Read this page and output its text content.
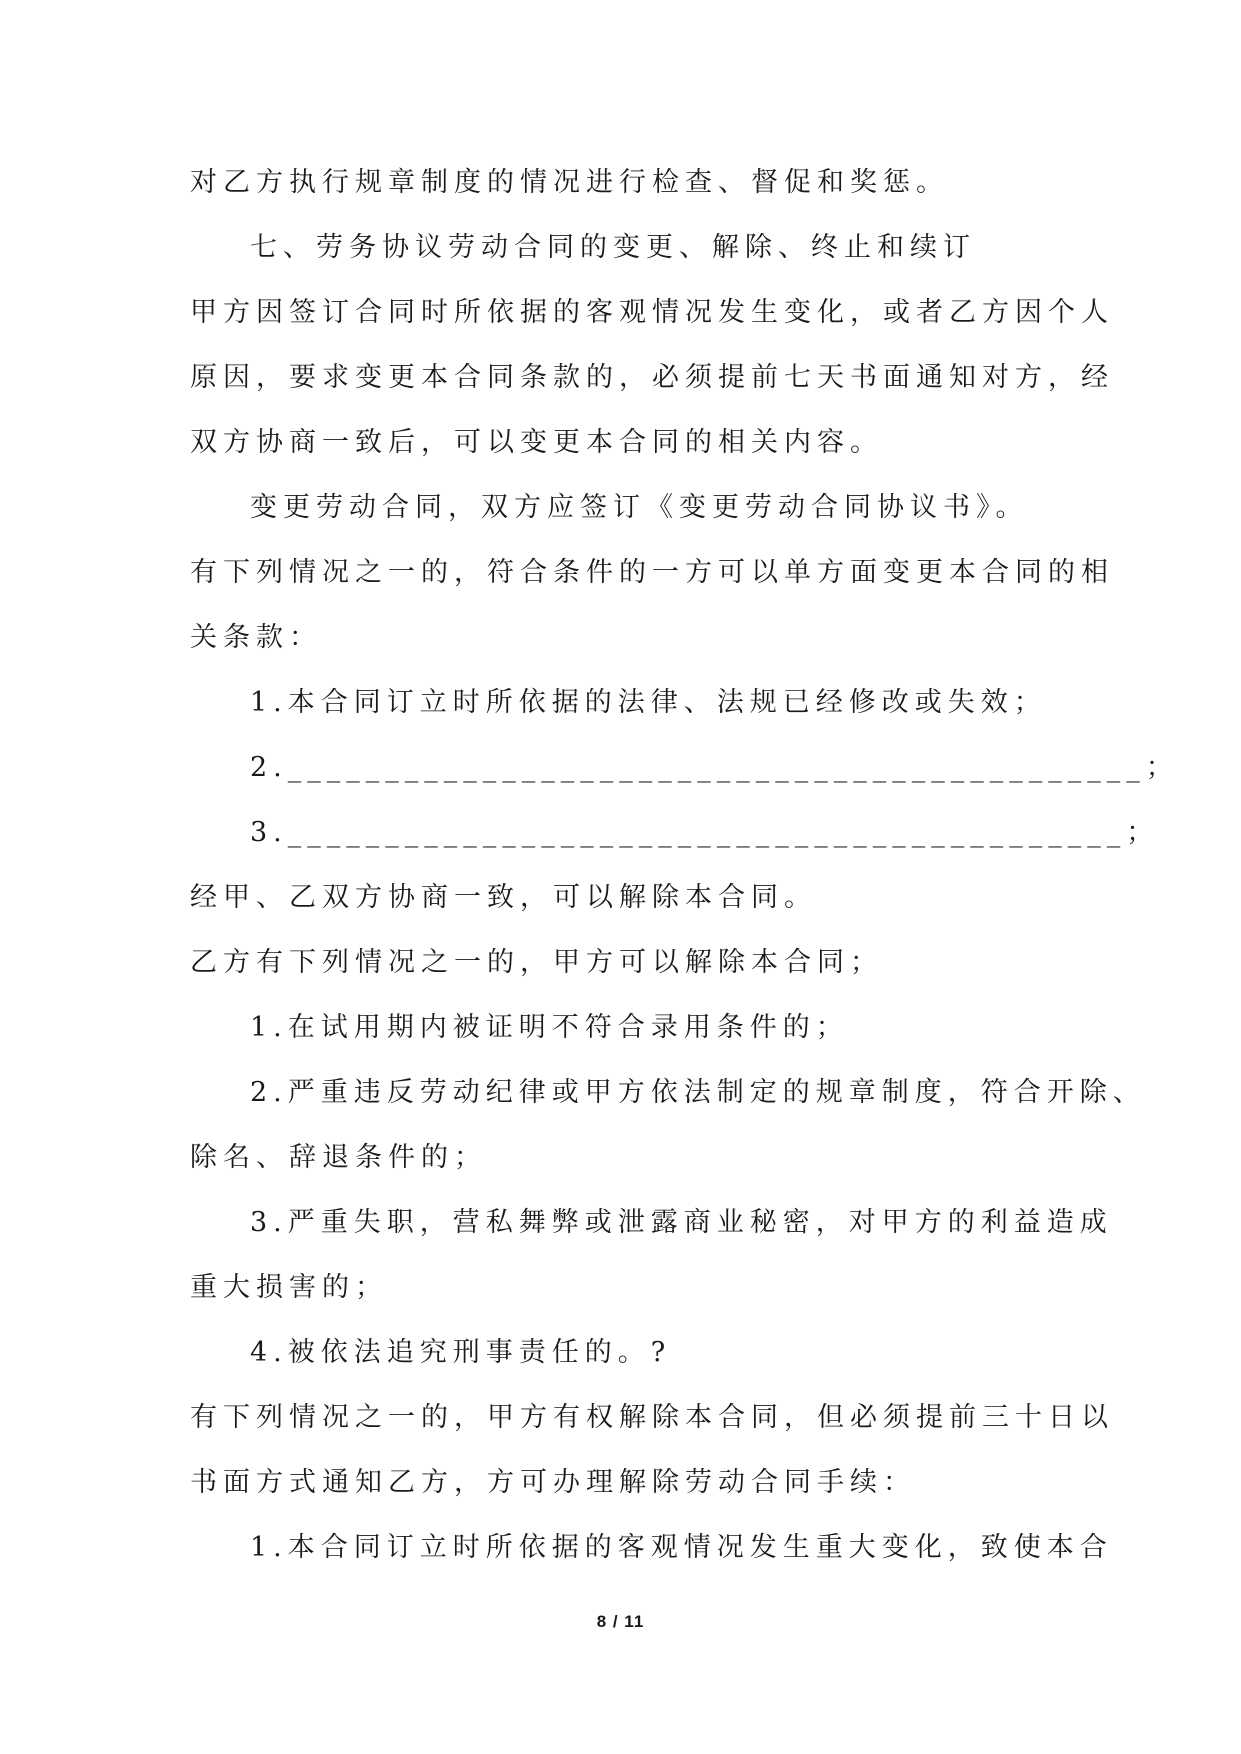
对乙方执行规章制度的情况进行检查、督促和奖惩。
七、劳务协议劳动合同的变更、解除、终止和续订
甲方因签订合同时所依据的客观情况发生变化，或者乙方因个人
原因，要求变更本合同条款的，必须提前七天书面通知对方，经
双方协商一致后，可以变更本合同的相关内容。
变更劳动合同，双方应签订《变更劳动合同协议书》。
有下列情况之一的，符合条件的一方可以单方面变更本合同的相
关条款：
1.本合同订立时所依据的法律、法规已经修改或失效；
2.____________________________________________；
3.___________________________________________；
经甲、乙双方协商一致，可以解除本合同。
乙方有下列情况之一的，甲方可以解除本合同；
1.在试用期内被证明不符合录用条件的；
2.严重违反劳动纪律或甲方依法制定的规章制度，符合开除、
除名、辞退条件的；
3.严重失职，营私舞弊或泄露商业秘密，对甲方的利益造成
重大损害的；
4.被依法追究刑事责任的。?
有下列情况之一的，甲方有权解除本合同，但必须提前三十日以
书面方式通知乙方，方可办理解除劳动合同手续：
1.本合同订立时所依据的客观情况发生重大变化，致使本合
8 / 11
